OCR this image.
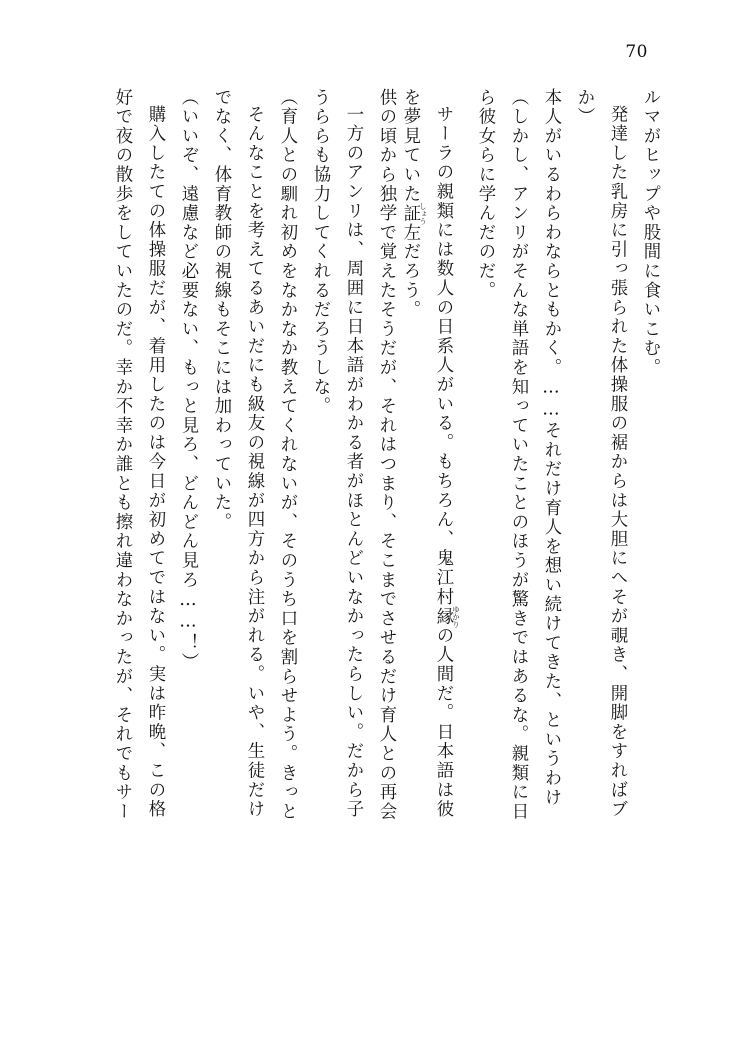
70
ルマがヒップや股間に食いこむ。
発達した乳房に引っ張られた体操服の裾からは大胆にへそが覗き、開脚をすればブ
か）
本人がいるわらわならともかく。……それだけ育人を想い続けてきた、というわけ
（しかし、アンリがそんな単語を知っていたことのほうが驚きではあるな。親類に日
ら彼女らに学んだのだ。
サーラの親類には数人の日系人がいる。もちろん、鬼江村縁ゆかりの人間だ。日本語は彼
を夢見ていた証しょう左だろう。
供の頃から独学で覚えたそうだが、それはつまり、そこまでさせるだけ育人との再会
一方のアンリは、周囲に日本語がわかる者がほとんどいなかったらしい。だから子
うららも協力してくれるだろうしな。
（育人との馴れ初めをなかなか教えてくれないが、そのうち口を割らせよう。きっと
そんなことを考えてるあいだにも級友の視線が四方から注がれる。いや、生徒だけ
でなく、体育教師の視線もそこには加わっていた。
（いいぞ、遠慮など必要ない、もっと見ろ、どんどん見ろ……！）
購入したての体操服だが、着用したのは今日が初めてではない。実は昨晩、この格
好で夜の散歩をしていたのだ。幸か不幸か誰とも擦れ違わなかったが、それでもサー
